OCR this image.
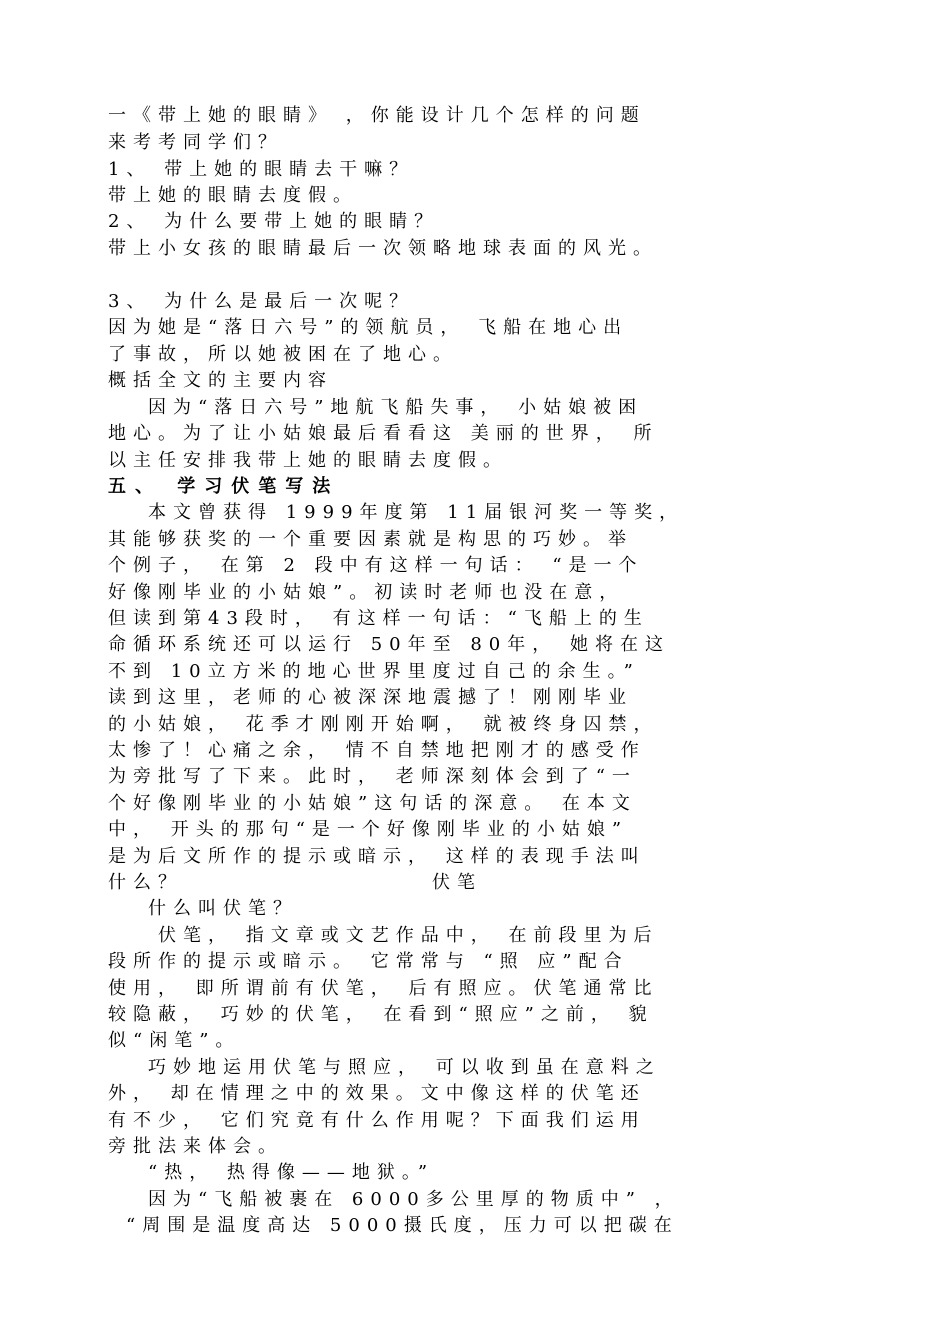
一《带上她的眼睛》 ，你能设计几个怎样的问题
来考考同学们？
1、 带上她的眼睛去干嘛？
带上她的眼睛去度假。
2、 为什么要带上她的眼睛？
带上小女孩的眼睛最后一次领略地球表面的风光。
3、 为什么是最后一次呢？
因为她是“落日六号”的领航员， 飞船在地心出
了事故，所以她被困在了地心。
概括全文的主要内容
因为“落日六号”地航飞船失事， 小姑娘被困
地心。为了让小姑娘最后看看这 美丽的世界， 所
以主任安排我带上她的眼睛去度假。
五、 学习伏笔写法
本文曾获得 1999年度第 11届银河奖一等奖，
其能够获奖的一个重要因素就是构思的巧妙。举
个例子， 在第 2 段中有这样一句话： “是一个
好像刚毕业的小姑娘”。初读时老师也没在意，
但读到第43段时， 有这样一句话：“飞船上的生
命循环系统还可以运行 50年至 80年， 她将在这
不到 10立方米的地心世界里度过自己的余生。”
读到这里，老师的心被深深地震撼了！刚刚毕业
的小姑娘， 花季才刚刚开始啊， 就被终身囚禁，
太惨了！心痛之余， 情不自禁地把刚才的感受作
为旁批写了下来。此时， 老师深刻体会到了“一
个好像刚毕业的小姑娘”这句话的深意。 在本文
中， 开头的那句“是一个好像刚毕业的小姑娘”
是为后文所作的提示或暗示， 这样的表现手法叫
什么？	伏笔
什么叫伏笔？
伏笔， 指文章或文艺作品中， 在前段里为后
段所作的提示或暗示。 它常常与 “照 应”配合
使用， 即所谓前有伏笔， 后有照应。伏笔通常比
较隐蔽， 巧妙的伏笔， 在看到“照应”之前， 貌
似“闲笔”。
巧妙地运用伏笔与照应， 可以收到虽在意料之
外， 却在情理之中的效果。文中像这样的伏笔还
有不少， 它们究竟有什么作用呢？下面我们运用
旁批法来体会。
“热， 热得像——地狱。”
因为“飞船被裹在 6000多公里厚的物质中” ，
“周围是温度高达 5000摄氏度，压力可以把碳在
